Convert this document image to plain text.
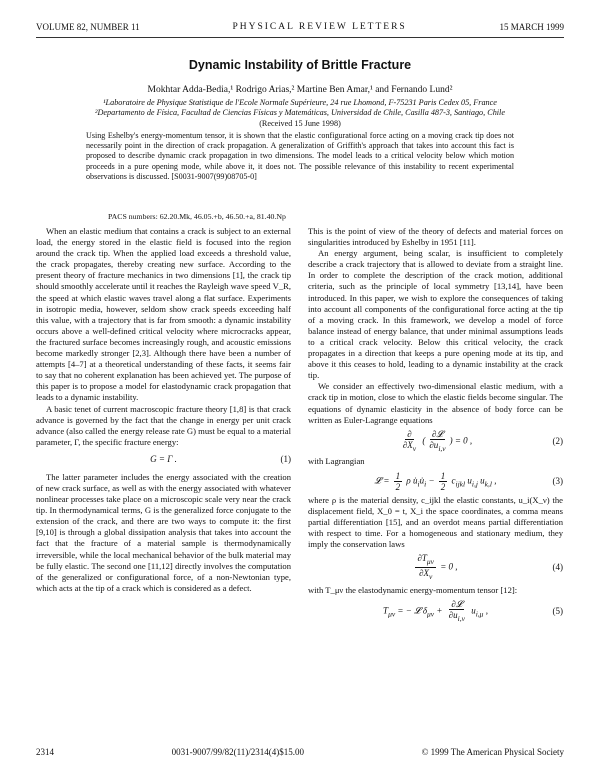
VOLUME 82, NUMBER 11	PHYSICAL REVIEW LETTERS	15 MARCH 1999
Dynamic Instability of Brittle Fracture
Mokhtar Adda-Bedia,¹ Rodrigo Arias,² Martine Ben Amar,¹ and Fernando Lund²
¹Laboratoire de Physique Statistique de l'Ecole Normale Supérieure, 24 rue Lhomond, F-75231 Paris Cedex 05, France
²Departamento de Física, Facultad de Ciencias Físicas y Matemáticas, Universidad de Chile, Casilla 487-3, Santiago, Chile
(Received 15 June 1998)
Using Eshelby's energy-momentum tensor, it is shown that the elastic configurational force acting on a moving crack tip does not necessarily point in the direction of crack propagation. A generalization of Griffith's approach that takes into account this fact is proposed to describe dynamic crack propagation in two dimensions. The model leads to a critical velocity below which motion proceeds in a pure opening mode, while above it, it does not. The possible relevance of this instability to recent experimental observations is discussed. [S0031-9007(99)08705-0]
PACS numbers: 62.20.Mk, 46.05.+b, 46.50.+a, 81.40.Np

When an elastic medium that contains a crack is subject to an external load, the energy stored in the elastic field is focused into the region around the crack tip. When the applied load exceeds a threshold value, the crack propagates, thereby creating new surface. According to the present theory of fracture mechanics in two dimensions [1], the crack tip should smoothly accelerate until it reaches the Rayleigh wave speed V_R, the speed at which elastic waves travel along a flat surface. Experiments in isotropic media, however, seldom show crack speeds exceeding half this value, with a trajectory that is far from smooth: a dynamic instability occurs above a well-defined critical velocity where microcracks appear, the fractured surface becomes increasingly rough, and acoustic emissions become markedly stronger [2,3]. Although there have been a number of attempts [4–7] at a theoretical understanding of these facts, it seems fair to say that no coherent explanation has been achieved yet. The purpose of this paper is to propose a model for elastodynamic crack propagation that leads to a dynamic instability.

A basic tenet of current macroscopic fracture theory [1,8] is that crack advance is governed by the fact that the change in energy per unit crack advance (also called the energy release rate G) must be equal to a material parameter, Γ, the specific fracture energy:

G = Γ .	(1)

The latter parameter includes the energy associated with the creation of new crack surface, as well as with the energy associated with whatever nonlinear processes take place on a microscopic scale very near the crack tip. In thermodynamical terms, G is the generalized force conjugate to the extension of the crack, and there are two ways to compute it: the first [9,10] is through a global dissipation analysis that takes into account the fact that the fracture of a material sample is thermodynamically irreversible, while the local mechanical behavior of the bulk material may be fully elastic. The second one [11,12] directly involves the computation of the generalized or configurational force, of a non-Newtonian type, which acts at the tip of a crack which is considered as a defect.

This is the point of view of the theory of defects and material forces on singularities introduced by Eshelby in 1951 [11].

An energy argument, being scalar, is insufficient to completely describe a crack trajectory that is allowed to deviate from a straight line. In order to complete the description of the crack motion, additional criteria, such as the principle of local symmetry [13,14], have been introduced. In this paper, we wish to explore the consequences of taking into account all components of the configurational force acting at the tip of a moving crack. In this framework, we develop a model of force balance instead of energy balance, that under minimal assumptions leads to a critical crack velocity. Below this critical velocity, the crack propagates in a direction that keeps a pure opening mode at its tip, and above it this ceases to hold, leading to a dynamic instability at the crack tip.

We consider an effectively two-dimensional elastic medium, with a crack tip in motion, close to which the elastic fields become singular. The equations of dynamic elasticity in the absence of body force can be written as Euler-Lagrange equations

$\frac{\partial}{\partial X_\nu}$ ( $\frac{\text{∂𝓛}}{\partial u_{i,\nu}}$ ) = 0 ,	(2)

with Lagrangian

𝓛 = $\frac{1}{2}$ ρ $u̇_iu̇_i - \frac{1}{2} c_{ijkl}$ $u_{i,j}$ $u_{k,l}$ ,	(3)

where ρ is the material density, c_ijkl the elastic constants, u_i(X_ν) the displacement field, X_0 = t, X_i the space coordinates, a comma means partial differentiation [15], and an overdot means partial differentiation with respect to time. For a homogeneous and stationary medium, they imply the conservation laws

$\frac{\partial T_{\mu\nu}}{\partial X_\nu} = 0$ ,	(4)

with T_μν the elastodynamic energy-momentum tensor [12]:

$T_{\mu\nu}$ = − 𝓛 $\delta_{\mu\nu} + \frac{\text{∂𝓛}}{\partial u_{i,\nu}} u_{i,\mu}$ ,	(5)
2314	0031-9007/99/82(11)/2314(4)$15.00	© 1999 The American Physical Society
